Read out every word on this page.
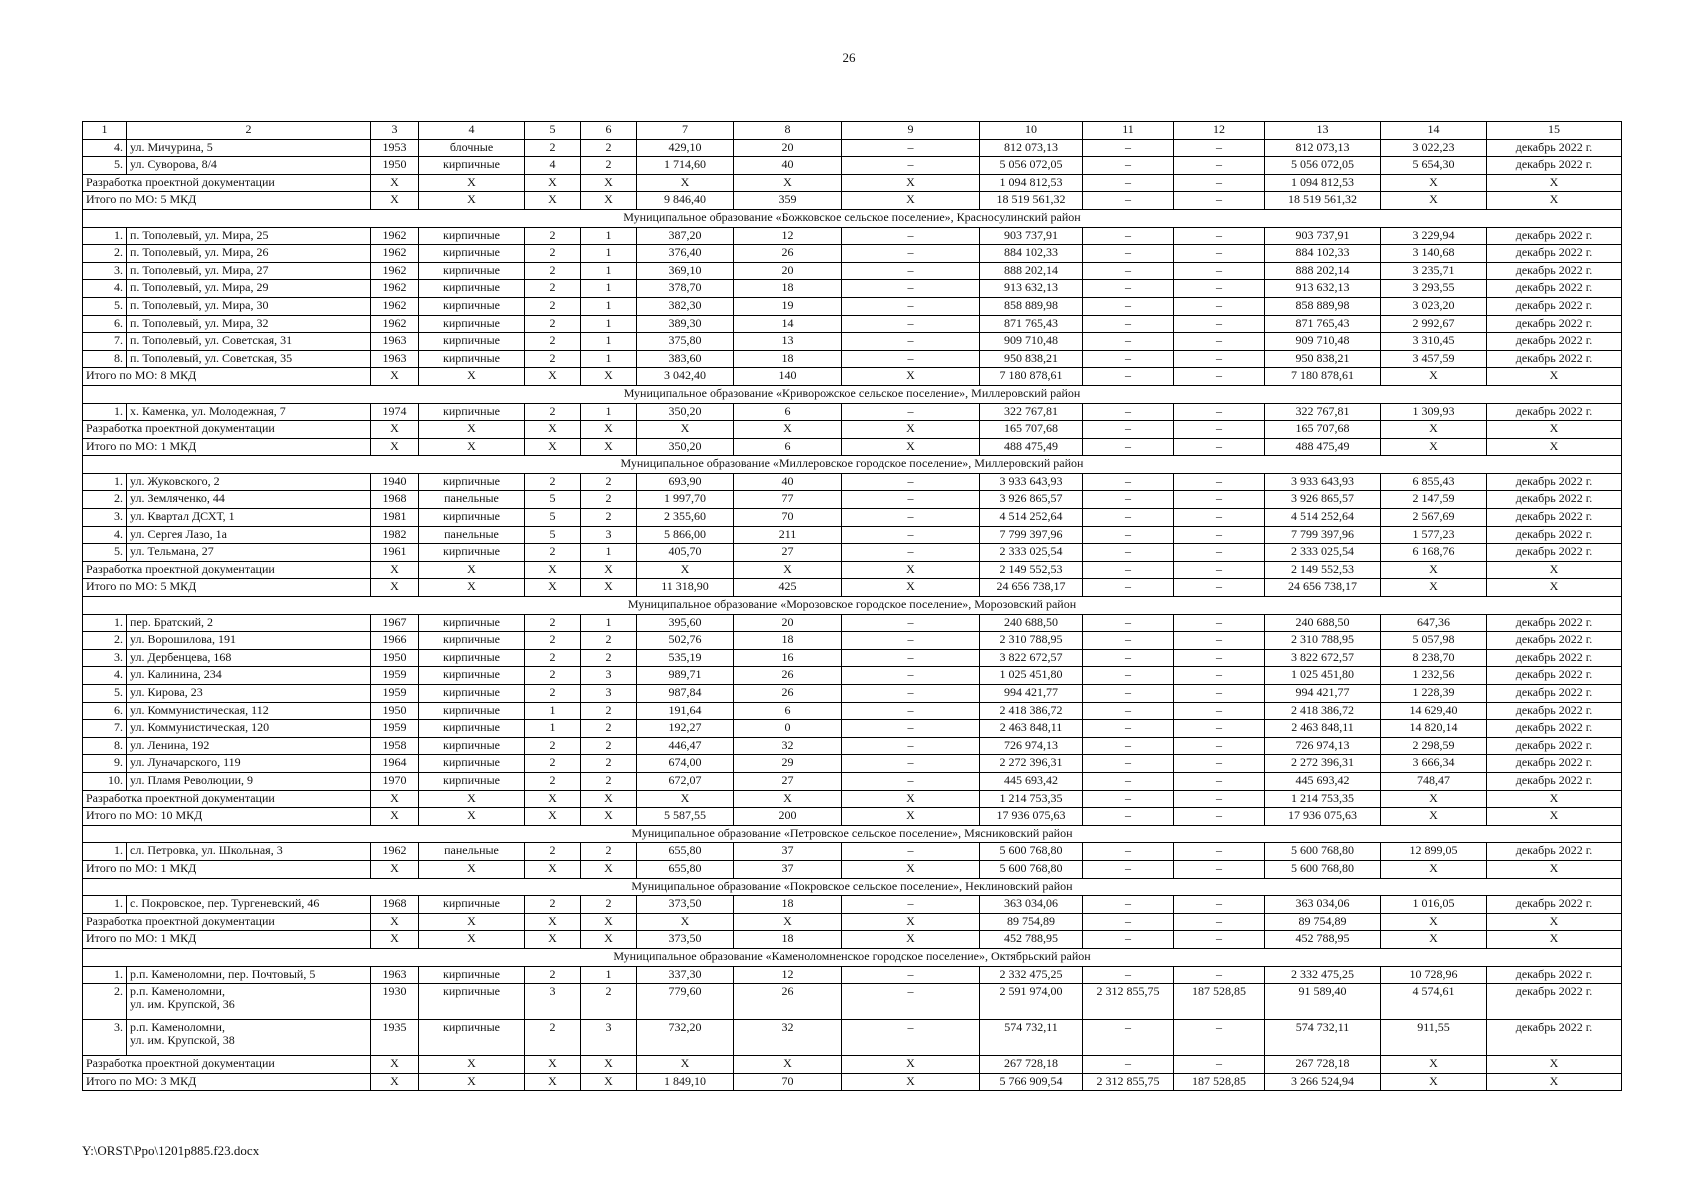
26
1	2	3	4	5	6	7	8	9	10	11	12	13	14	15
4.	ул. Мичурина, 5	1953	блочные	2	2	429,10	20	–	812 073,13	–	–	812 073,13	3 022,23	декабрь 2022 г.
5.	ул. Суворова, 8/4	1950	кирпичные	4	2	1 714,60	40	–	5 056 072,05	–	–	5 056 072,05	5 654,30	декабрь 2022 г.
Разработка проектной документации		X	X	X	X	X	X	X	1 094 812,53	–	–	1 094 812,53	X	X
Итого по МО: 5 МКД		X	X	X	X	9 846,40	359	X	18 519 561,32	–	–	18 519 561,32	X	X
Муниципальное образование «Божковское сельское поселение», Красносулинский район														
1.	п. Тополевый, ул. Мира, 25	1962	кирпичные	2	1	387,20	12	–	903 737,91	–	–	903 737,91	3 229,94	декабрь 2022 г.
2.	п. Тополевый, ул. Мира, 26	1962	кирпичные	2	1	376,40	26	–	884 102,33	–	–	884 102,33	3 140,68	декабрь 2022 г.
3.	п. Тополевый, ул. Мира, 27	1962	кирпичные	2	1	369,10	20	–	888 202,14	–	–	888 202,14	3 235,71	декабрь 2022 г.
4.	п. Тополевый, ул. Мира, 29	1962	кирпичные	2	1	378,70	18	–	913 632,13	–	–	913 632,13	3 293,55	декабрь 2022 г.
5.	п. Тополевый, ул. Мира, 30	1962	кирпичные	2	1	382,30	19	–	858 889,98	–	–	858 889,98	3 023,20	декабрь 2022 г.
6.	п. Тополевый, ул. Мира, 32	1962	кирпичные	2	1	389,30	14	–	871 765,43	–	–	871 765,43	2 992,67	декабрь 2022 г.
7.	п. Тополевый, ул. Советская, 31	1963	кирпичные	2	1	375,80	13	–	909 710,48	–	–	909 710,48	3 310,45	декабрь 2022 г.
8.	п. Тополевый, ул. Советская, 35	1963	кирпичные	2	1	383,60	18	–	950 838,21	–	–	950 838,21	3 457,59	декабрь 2022 г.
Итого по МО: 8 МКД		X	X	X	X	3 042,40	140	X	7 180 878,61	–	–	7 180 878,61	X	X
Муниципальное образование «Криворожское сельское поселение», Миллеровский район														
1.	х. Каменка, ул. Молодежная, 7	1974	кирпичные	2	1	350,20	6	–	322 767,81	–	–	322 767,81	1 309,93	декабрь 2022 г.
Разработка проектной документации		X	X	X	X	X	X	X	165 707,68	–	–	165 707,68	X	X
Итого по МО: 1 МКД		X	X	X	X	350,20	6	X	488 475,49	–	–	488 475,49	X	X
Муниципальное образование «Миллеровское городское поселение», Миллеровский район														
1.	ул. Жуковского, 2	1940	кирпичные	2	2	693,90	40	–	3 933 643,93	–	–	3 933 643,93	6 855,43	декабрь 2022 г.
2.	ул. Земляченко, 44	1968	панельные	5	2	1 997,70	77	–	3 926 865,57	–	–	3 926 865,57	2 147,59	декабрь 2022 г.
3.	ул. Квартал ДСХТ, 1	1981	кирпичные	5	2	2 355,60	70	–	4 514 252,64	–	–	4 514 252,64	2 567,69	декабрь 2022 г.
4.	ул. Сергея Лазо, 1а	1982	панельные	5	3	5 866,00	211	–	7 799 397,96	–	–	7 799 397,96	1 577,23	декабрь 2022 г.
5.	ул. Тельмана, 27	1961	кирпичные	2	1	405,70	27	–	2 333 025,54	–	–	2 333 025,54	6 168,76	декабрь 2022 г.
Разработка проектной документации		X	X	X	X	X	X	X	2 149 552,53	–	–	2 149 552,53	X	X
Итого по МО: 5 МКД		X	X	X	X	11 318,90	425	X	24 656 738,17	–	–	24 656 738,17	X	X
Муниципальное образование «Морозовское городское поселение», Морозовский район														
1.	пер. Братский, 2	1967	кирпичные	2	1	395,60	20	–	240 688,50	–	–	240 688,50	647,36	декабрь 2022 г.
2.	ул. Ворошилова, 191	1966	кирпичные	2	2	502,76	18	–	2 310 788,95	–	–	2 310 788,95	5 057,98	декабрь 2022 г.
3.	ул. Дербенцева, 168	1950	кирпичные	2	2	535,19	16	–	3 822 672,57	–	–	3 822 672,57	8 238,70	декабрь 2022 г.
4.	ул. Калинина, 234	1959	кирпичные	2	3	989,71	26	–	1 025 451,80	–	–	1 025 451,80	1 232,56	декабрь 2022 г.
5.	ул. Кирова, 23	1959	кирпичные	2	3	987,84	26	–	994 421,77	–	–	994 421,77	1 228,39	декабрь 2022 г.
6.	ул. Коммунистическая, 112	1950	кирпичные	1	2	191,64	6	–	2 418 386,72	–	–	2 418 386,72	14 629,40	декабрь 2022 г.
7.	ул. Коммунистическая, 120	1959	кирпичные	1	2	192,27	0	–	2 463 848,11	–	–	2 463 848,11	14 820,14	декабрь 2022 г.
8.	ул. Ленина, 192	1958	кирпичные	2	2	446,47	32	–	726 974,13	–	–	726 974,13	2 298,59	декабрь 2022 г.
9.	ул. Луначарского, 119	1964	кирпичные	2	2	674,00	29	–	2 272 396,31	–	–	2 272 396,31	3 666,34	декабрь 2022 г.
10.	ул. Пламя Революции, 9	1970	кирпичные	2	2	672,07	27	–	445 693,42	–	–	445 693,42	748,47	декабрь 2022 г.
Разработка проектной документации		X	X	X	X	X	X	X	1 214 753,35	–	–	1 214 753,35	X	X
Итого по МО: 10 МКД		X	X	X	X	5 587,55	200	X	17 936 075,63	–	–	17 936 075,63	X	X
Муниципальное образование «Петровское сельское поселение», Мясниковский район														
1.	сл. Петровка, ул. Школьная, 3	1962	панельные	2	2	655,80	37	–	5 600 768,80	–	–	5 600 768,80	12 899,05	декабрь 2022 г.
Итого по МО: 1 МКД		X	X	X	X	655,80	37	X	5 600 768,80	–	–	5 600 768,80	X	X
Муниципальное образование «Покровское сельское поселение», Неклиновский район														
1.	с. Покровское, пер. Тургеневский, 46	1968	кирпичные	2	2	373,50	18	–	363 034,06	–	–	363 034,06	1 016,05	декабрь 2022 г.
Разработка проектной документации		X	X	X	X	X	X	X	89 754,89	–	–	89 754,89	X	X
Итого по МО: 1 МКД		X	X	X	X	373,50	18	X	452 788,95	–	–	452 788,95	X	X
Муниципальное образование «Каменоломненское городское поселение», Октябрьский район														
1.	р.п. Каменоломни, пер. Почтовый, 5	1963	кирпичные	2	1	337,30	12	–	2 332 475,25	–	–	2 332 475,25	10 728,96	декабрь 2022 г.
2.	р.п. Каменоломни,
ул. им. Крупской, 36	1930	кирпичные	3	2	779,60	26	–	2 591 974,00	2 312 855,75	187 528,85	91 589,40	4 574,61	декабрь 2022 г.
3.	р.п. Каменоломни,
ул. им. Крупской, 38	1935	кирпичные	2	3	732,20	32	–	574 732,11	–	–	574 732,11	911,55	декабрь 2022 г.
Разработка проектной документации		X	X	X	X	X	X	X	267 728,18	–	–	267 728,18	X	X
Итого по МО: 3 МКД		X	X	X	X	1 849,10	70	X	5 766 909,54	2 312 855,75	187 528,85	3 266 524,94	X	X
Y:\ORST\Ppo\1201p885.f23.docx
